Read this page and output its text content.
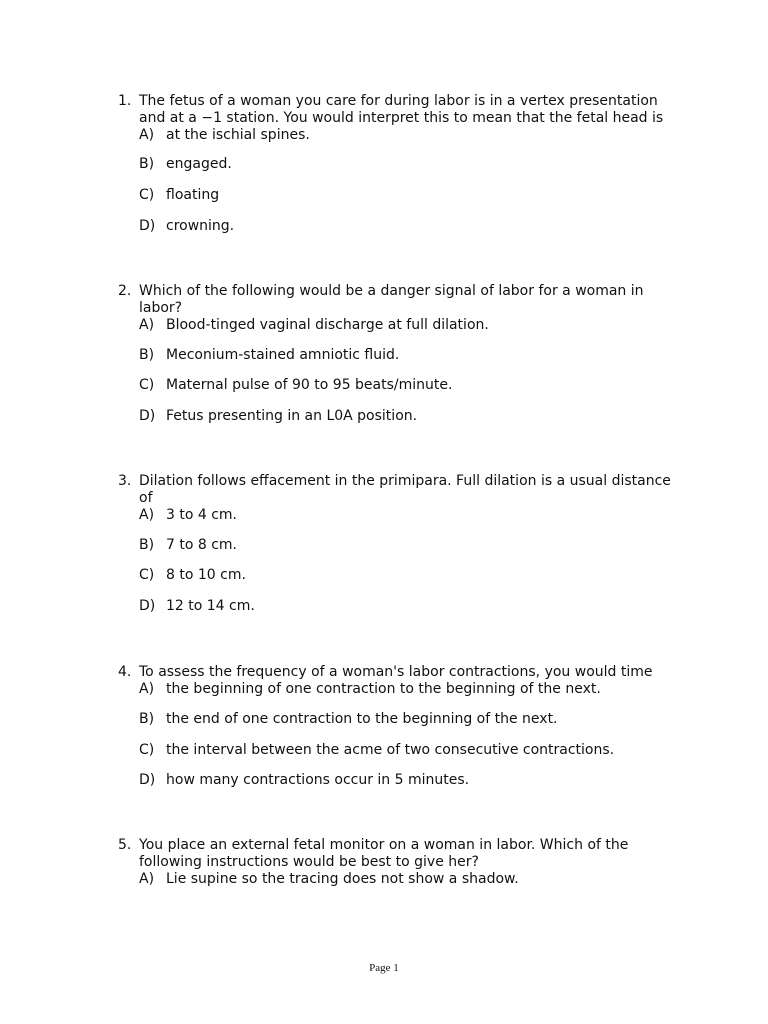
1. The fetus of a woman you care for during labor is in a vertex presentation and at a −1 station. You would interpret this to mean that the fetal head is
A) at the ischial spines.
B) engaged.
C) floating
D) crowning.
2. Which of the following would be a danger signal of labor for a woman in labor?
A) Blood-tinged vaginal discharge at full dilation.
B) Meconium-stained amniotic fluid.
C) Maternal pulse of 90 to 95 beats/minute.
D) Fetus presenting in an L0A position.
3. Dilation follows effacement in the primipara. Full dilation is a usual distance of
A) 3 to 4 cm.
B) 7 to 8 cm.
C) 8 to 10 cm.
D) 12 to 14 cm.
4. To assess the frequency of a woman's labor contractions, you would time
A) the beginning of one contraction to the beginning of the next.
B) the end of one contraction to the beginning of the next.
C) the interval between the acme of two consecutive contractions.
D) how many contractions occur in 5 minutes.
5. You place an external fetal monitor on a woman in labor. Which of the following instructions would be best to give her?
A) Lie supine so the tracing does not show a shadow.
Page 1
